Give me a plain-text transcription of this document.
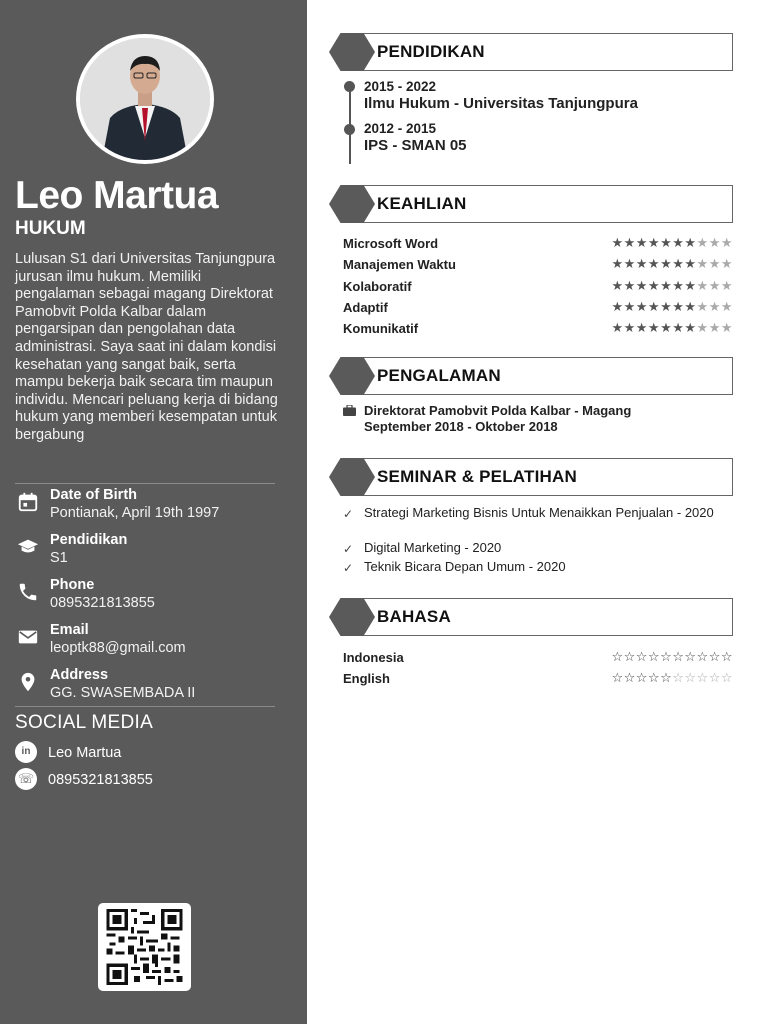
Leo Martua
HUKUM
Lulusan S1 dari Universitas Tanjungpura jurusan ilmu hukum. Memiliki pengalaman sebagai magang Direktorat Pamobvit Polda Kalbar dalam pengarsipan dan pengolahan data administrasi. Saya saat ini dalam kondisi kesehatan yang sangat baik, serta mampu bekerja baik secara tim maupun individu. Mencari peluang kerja di bidang hukum yang memberi kesempatan untuk bergabung
Date of Birth
Pontianak, April 19th 1997
Pendidikan
S1
Phone
0895321813855
Email
leoptk88@gmail.com
Address
GG. SWASEMBADA II
SOCIAL MEDIA
in	Leo Martua
☏ 0895321813855
PENDIDIKAN
2015 - 2022
Ilmu Hukum - Universitas Tanjungpura
2012 - 2015
IPS - SMAN 05
KEAHLIAN
Microsoft Word	★★★★★★★★★★
Manajemen Waktu	★★★★★★★★★★
Kolaboratif	★★★★★★★★★★
Adaptif	★★★★★★★★★★
Komunikatif	★★★★★★★★★★
PENGALAMAN
Direktorat Pamobvit Polda Kalbar - Magang
September 2018 - Oktober 2018
SEMINAR & PELATIHAN
✓ Strategi Marketing Bisnis Untuk Menaikkan Penjualan - 2020
✓ Digital Marketing - 2020
✓ Teknik Bicara Depan Umum - 2020
BAHASA
Indonesia	☆☆☆☆☆☆☆☆☆☆
English	☆☆☆☆☆☆☆☆☆☆
